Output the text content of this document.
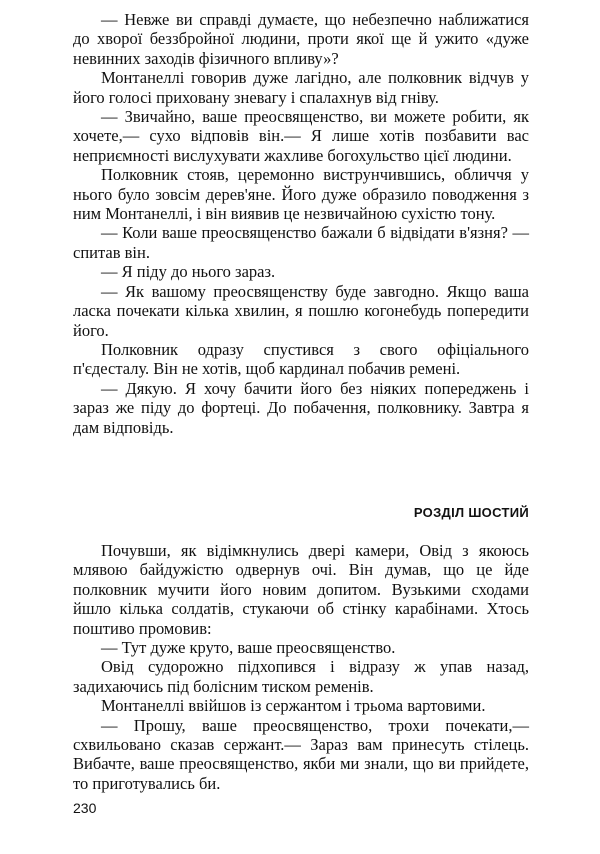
— Невже ви справді думаєте, що небезпечно наближатися до хворої беззбройної людини, проти якої ще й ужито «дуже невинних заходів фізичного впливу»?

Монтанеллі говорив дуже лагідно, але полковник відчув у його голосі приховану зневагу і спалахнув від гніву.

— Звичайно, ваше преосвященство, ви можете робити, як хочете,— сухо відповів він.— Я лише хотів позбавити вас неприємності вислухувати жахливе богохульство цієї людини.

Полковник стояв, церемонно виструнчившись, обличчя у нього було зовсім дерев'яне. Його дуже образило поводження з ним Монтанеллі, і він виявив це незвичайною сухістю тону.

— Коли ваше преосвященство бажали б відвідати в'язня? — спитав він.

— Я піду до нього зараз.

— Як вашому преосвященству буде завгодно. Якщо ваша ласка почекати кілька хвилин, я пошлю когонебудь попередити його.

Полковник одразу спустився з свого офіціального п'єдесталу. Він не хотів, щоб кардинал побачив ремені.

— Дякую. Я хочу бачити його без ніяких попереджень і зараз же піду до фортеці. До побачення, полковнику. Завтра я дам відповідь.

РОЗДІЛ ШОСТИЙ

Почувши, як відімкнулись двері камери, Овід з якоюсь млявою байдужістю одвернув очі. Він думав, що це йде полковник мучити його новим допитом. Вузькими сходами йшло кілька солдатів, стукаючи об стінку карабінами. Хтось поштиво промовив:

— Тут дуже круто, ваше преосвященство.

Овід судорожно підхопився і відразу ж упав назад, задихаючись під болісним тиском ременів.

Монтанеллі ввійшов із сержантом і трьома вартовими.

— Прошу, ваше преосвященство, трохи почекати,— схвильовано сказав сержант.— Зараз вам принесуть стілець. Вибачте, ваше преосвященство, якби ми знали, що ви прийдете, то приготувались би.

230
